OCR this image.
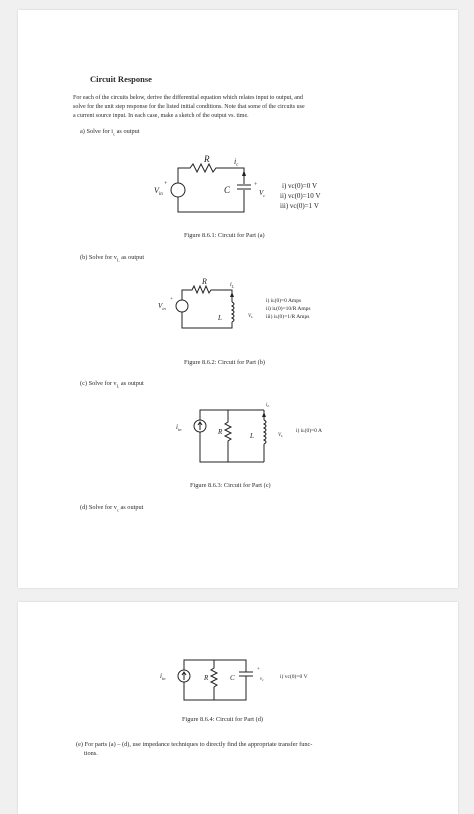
Circuit Response
For each of the circuits below, derive the differential equation which relates input to output, and
solve for the unit step response for the listed initial conditions. Note that some of the circuits use
a current source input. In each case, make a sketch of the output vs. time.
a) Solve for $i_c$ as output
R	$i_c$
+
$V_{in}$	C	+
$V_c$
i) vс(0)=0 V
ii) vс(0)=10 V
iii) vс(0)=1 V
Figure 8.6.1: Circuit for Part (a)
(b) Solve for $v_L$ as output
R	$i_L$
+
$V_{in}$
L	$V_L$
i) iʟ(0)=0 Amps
ii) iʟ(0)=10/R Amps
iii) iʟ(0)=1/R Amps
Figure 8.6.2: Circuit for Part (b)
(c) Solve for $v_L$ as output
$i_{in}$	R	L
$i_L$
$V_L$
i) iʟ(0)=0 A
Figure 8.6.3: Circuit for Part (c)
(d) Solve for $v_c$ as output
$i_{in}$	R	C
+
$v_c$	i) vс(0)=0 V
Figure 8.6.4: Circuit for Part (d)
(e) For parts (a) – (d), use impedance techniques to directly find the appropriate transfer func-
tions.
